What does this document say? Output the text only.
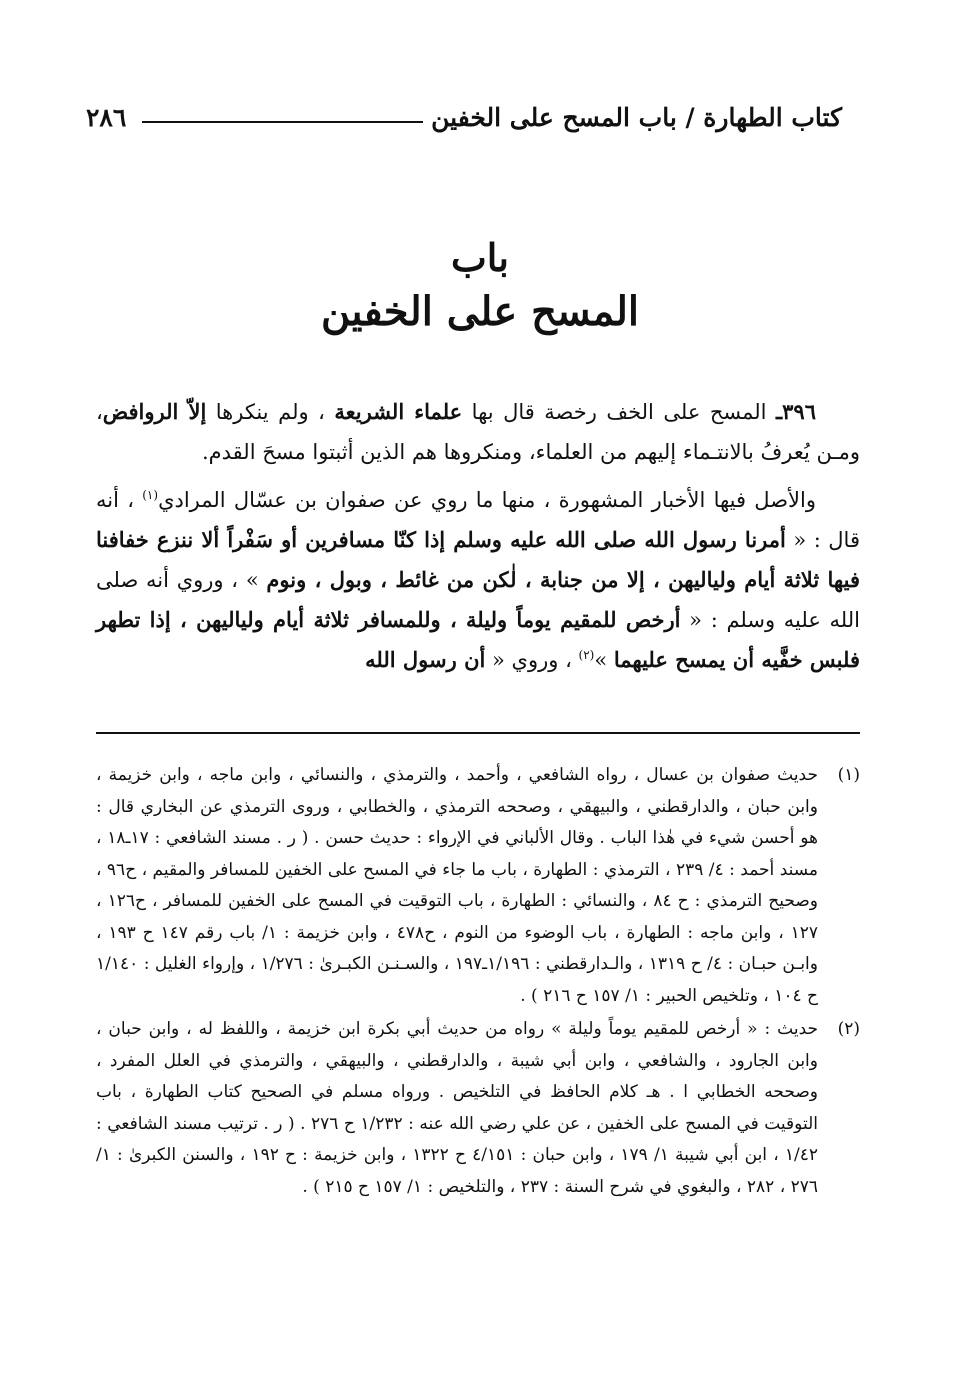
كتاب الطهارة / باب المسح على الخفين
٢٨٦
باب
المسح على الخفين

٣٩٦ـ المسح على الخف رخصة قال بها علماء الشريعة ، ولم ينكرها إلاّ الروافض، ومـن يُعرفُ بالانتـماء إليهم من العلماء، ومنكروها هم الذين أثبتوا مسحَ القدم.

والأصل فيها الأخبار المشهورة ، منها ما روي عن صفوان بن عسّال المرادي$^{(١)}$ ، أنه قال : « أمرنا رسول الله صلى الله عليه وسلم إذا كنّا مسافرين أو سَفْراً ألا ننزع خفافنا فيها ثلاثة أيام ولياليهن ، إلا من جنابة ، لٰكن من غائط ، وبول ، ونوم » ، وروي أنه صلى الله عليه وسلم : « أرخص للمقيم يوماً وليلة ، وللمسافر ثلاثة أيام ولياليهن ، إذا تطهر فلبس خفَّيه أن يمسح عليهما »$^{(٢)}$ ، وروي « أن رسول الله

(١)
حديث صفوان بن عسال ، رواه الشافعي ، وأحمد ، والترمذي ، والنسائي ، وابن ماجه ، وابن خزيمة ، وابن حبان ، والدارقطني ، والبيهقي ، وصححه الترمذي ، والخطابي ، وروى الترمذي عن البخاري قال : هو أحسن شيء في هٰذا الباب . وقال الألباني في الإرواء : حديث حسن . ( ر . مسند الشافعي : ١٧ـ١٨ ، مسند أحمد : ٤/ ٢٣٩ ، الترمذي : الطهارة ، باب ما جاء في المسح على الخفين للمسافر والمقيم ، ح٩٦ ، وصحيح الترمذي : ح ٨٤ ، والنسائي : الطهارة ، باب التوقيت في المسح على الخفين للمسافر ، ح١٢٦ ، ١٢٧ ، وابن ماجه : الطهارة ، باب الوضوء من النوم ، ح٤٧٨ ، وابن خزيمة : ١/ باب رقم ١٤٧ ح ١٩٣ ، وابـن حبـان : ٤/ ح ١٣١٩ ، والـدارقطني : ١/١٩٦ـ١٩٧ ، والسـنـن الكبـرىٰ : ١/٢٧٦ ، وإرواء الغليل : ١/١٤٠ ح ١٠٤ ، وتلخيص الحبير : ١/ ١٥٧ ح ٢١٦ ) .
(٢)
حديث : « أرخص للمقيم يوماً وليلة » رواه من حديث أبي بكرة ابن خزيمة ، واللفظ له ، وابن حبان ، وابن الجارود ، والشافعي ، وابن أبي شيبة ، والدارقطني ، والبيهقي ، والترمذي في العلل المفرد ، وصححه الخطابي ا . هـ كلام الحافظ في التلخيص . ورواه مسلم في الصحيح كتاب الطهارة ، باب التوقيت في المسح على الخفين ، عن علي رضي الله عنه : ١/٢٣٢ ح ٢٧٦ . ( ر . ترتيب مسند الشافعي : ١/٤٢ ، ابن أبي شيبة ١/ ١٧٩ ، وابن حبان : ٤/١٥١ ح ١٣٢٢ ، وابن خزيمة : ح ١٩٢ ، والسنن الكبرىٰ : ١/ ٢٧٦ ، ٢٨٢ ، والبغوي في شرح السنة : ٢٣٧ ، والتلخيص : ١/ ١٥٧ ح ٢١٥ ) .
